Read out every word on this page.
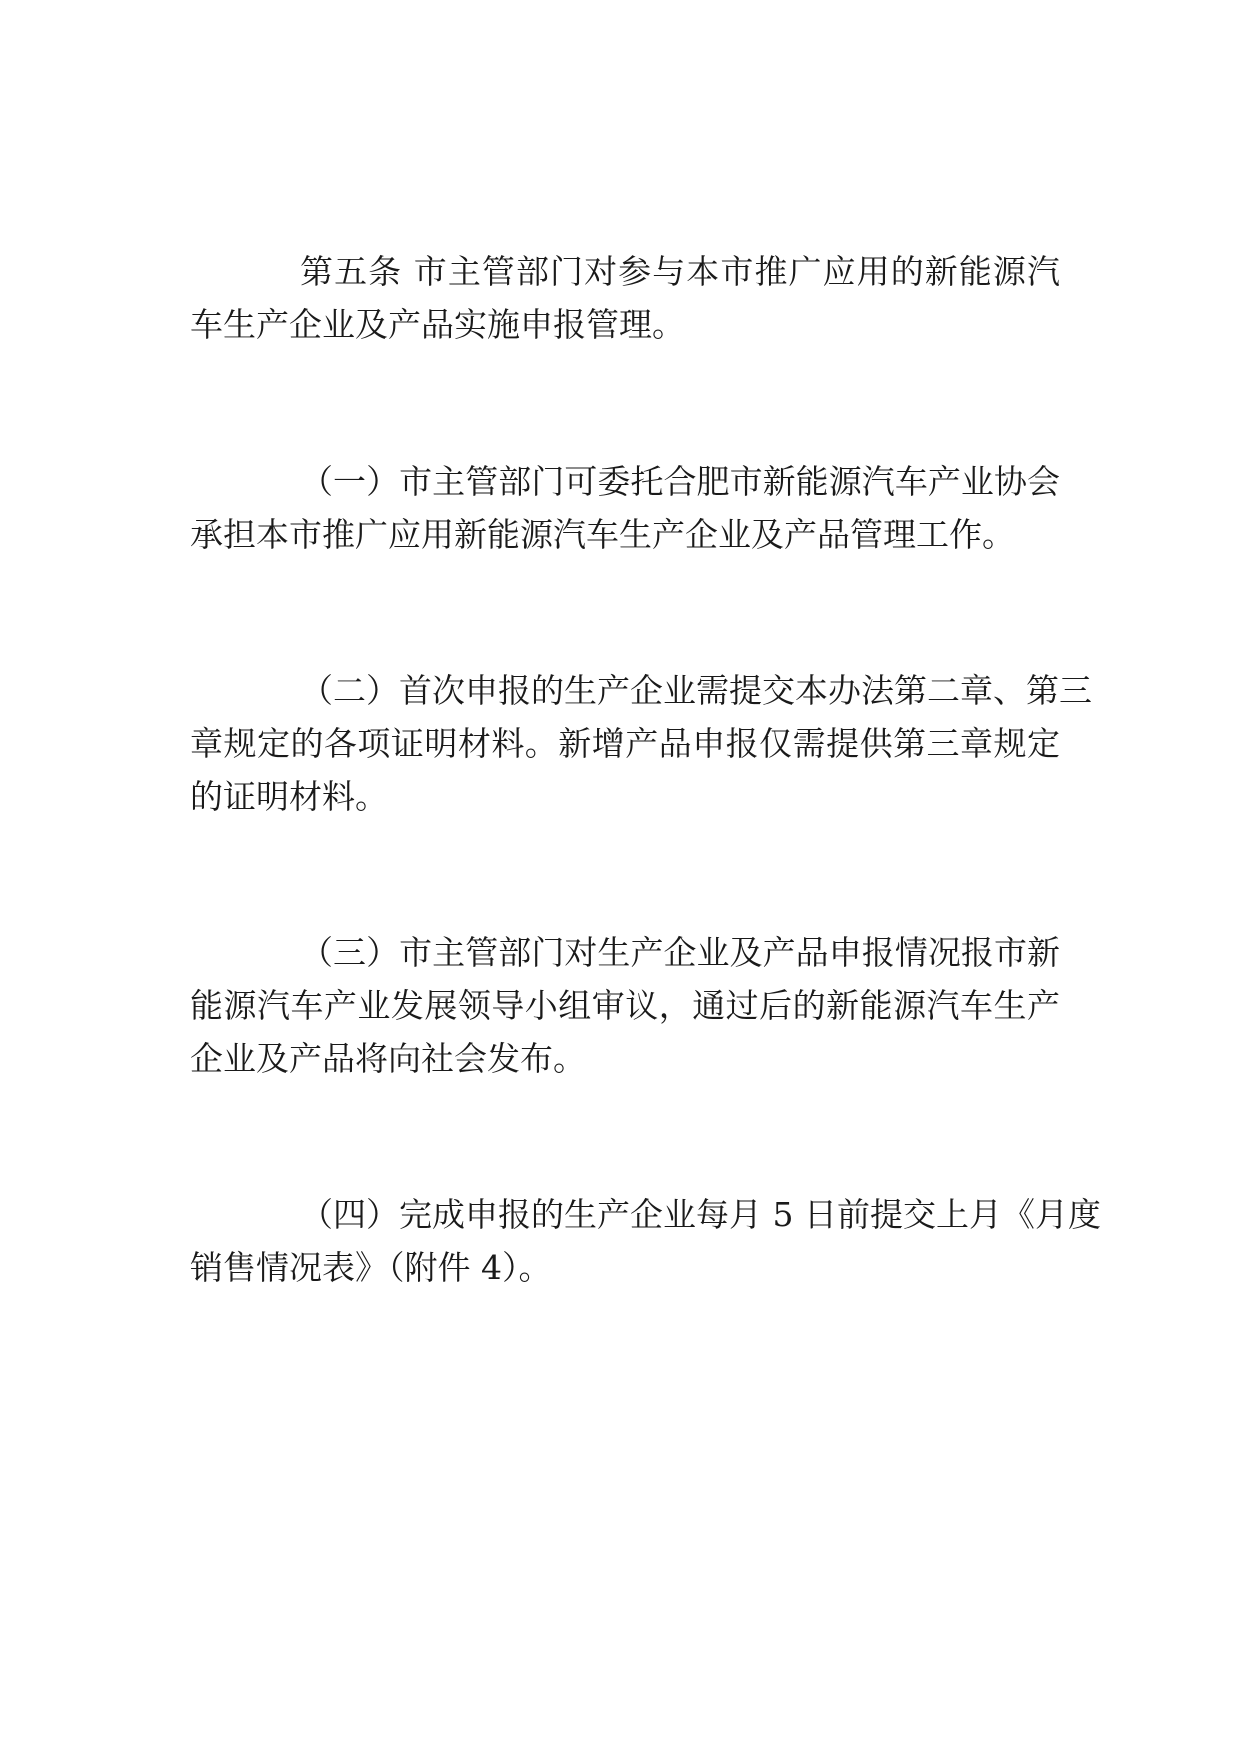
第五条 市主管部门对参与本市推广应用的新能源汽
车生产企业及产品实施申报管理。
（一）市主管部门可委托合肥市新能源汽车产业协会
承担本市推广应用新能源汽车生产企业及产品管理工作。
（二）首次申报的生产企业需提交本办法第二章、第三
章规定的各项证明材料。新增产品申报仅需提供第三章规定
的证明材料。
（三）市主管部门对生产企业及产品申报情况报市新
能源汽车产业发展领导小组审议，通过后的新能源汽车生产
企业及产品将向社会发布。
（四）完成申报的生产企业每月 5 日前提交上月《月度
销售情况表》（附件 4）。
